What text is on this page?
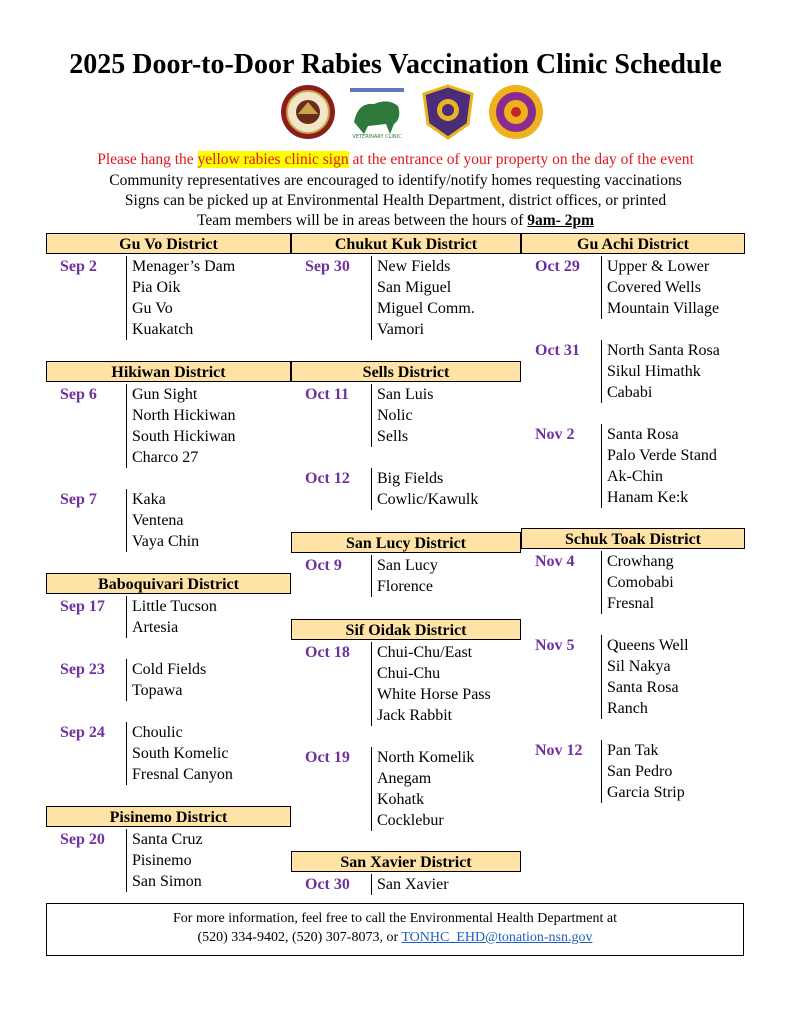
2025 Door-to-Door Rabies Vaccination Clinic Schedule
VETERINARY CLINIC
Please hang the yellow rabies clinic sign at the entrance of your property on the day of the event
Community representatives are encouraged to identify/notify homes requesting vaccinations
Signs can be picked up at Environmental Health Department, district offices, or printed
Team members will be in areas between the hours of 9am- 2pm
Gu Vo District
Sep 2 Menager’s Dam
Pia Oik
Gu Vo
Kuakatch
Hikiwan District
Sep 6 Gun Sight
North Hickiwan
South Hickiwan
Charco 27
Sep 7 Kaka
Ventena
Vaya Chin
Baboquivari District
Sep 17 Little Tucson
Artesia
Sep 23 Cold Fields
Topawa
Sep 24 Choulic
South Komelic
Fresnal Canyon
Pisinemo District
Sep 20 Santa Cruz
Pisinemo
San Simon
Chukut Kuk District
Sep 30 New Fields
San Miguel
Miguel Comm.
Vamori
Sells District
Oct 11 San Luis
Nolic
Sells
Oct 12 Big Fields
Cowlic/Kawulk
San Lucy District
Oct 9 San Lucy
Florence
Sif Oidak District
Oct 18 Chui-Chu/East
Chui-Chu
White Horse Pass
Jack Rabbit
Oct 19 North Komelik
Anegam
Kohatk
Cocklebur
San Xavier District
Oct 30 San Xavier
Gu Achi District
Oct 29 Upper & Lower
Covered Wells
Mountain Village
Oct 31 North Santa Rosa
Sikul Himathk
Cababi
Nov 2 Santa Rosa
Palo Verde Stand
Ak-Chin
Hanam Ke:k
Schuk Toak District
Nov 4 Crowhang
Comobabi
Fresnal
Nov 5 Queens Well
Sil Nakya
Santa Rosa
Ranch
Nov 12 Pan Tak
San Pedro
Garcia Strip
For more information, feel free to call the Environmental Health Department at
(520) 334-9402, (520) 307-8073, or TONHC_EHD@tonation-nsn.gov
